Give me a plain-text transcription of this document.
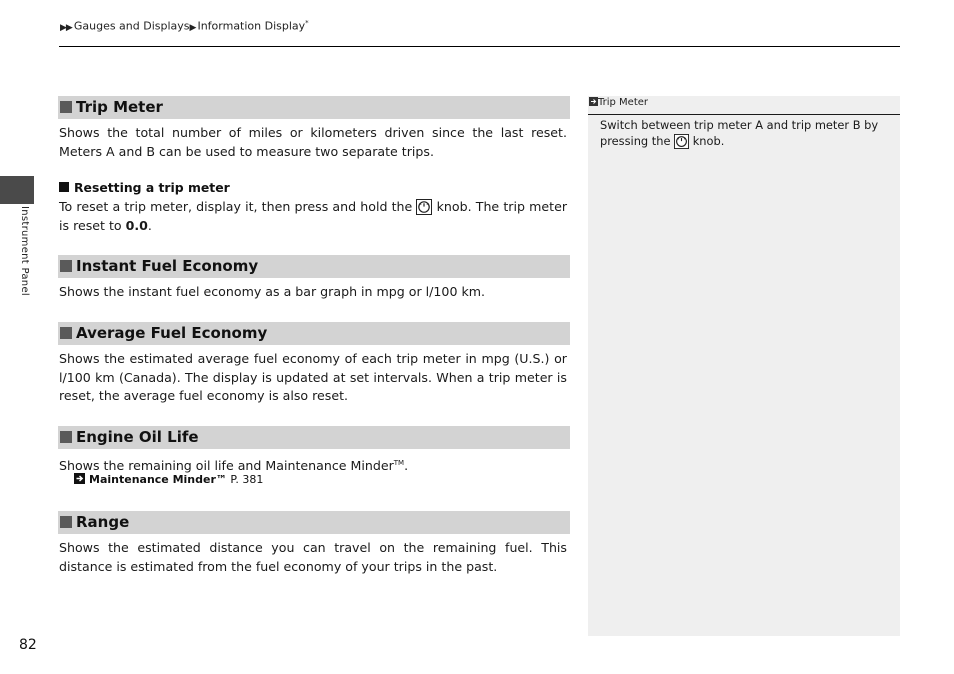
▶▶ Gauges and Displays▶ Information Display*
Instrument Panel
Trip Meter
Shows the total number of miles or kilometers driven since the last reset. Meters A and B can be used to measure two separate trips.
Resetting a trip meter
To reset a trip meter, display it, then press and hold the  knob. The trip meter is reset to 0.0.
Instant Fuel Economy
Shows the instant fuel economy as a bar graph in mpg or l/100 km.
Average Fuel Economy
Shows the estimated average fuel economy of each trip meter in mpg (U.S.) or l/100 km (Canada). The display is updated at set intervals. When a trip meter is reset, the average fuel economy is also reset.
Engine Oil Life
Shows the remaining oil life and Maintenance Minder™.
Maintenance Minder™ P. 381
Range
Shows the estimated distance you can travel on the remaining fuel. This distance is estimated from the fuel economy of your trips in the past.
Trip Meter
Switch between trip meter A and trip meter B by pressing the  knob.
82
